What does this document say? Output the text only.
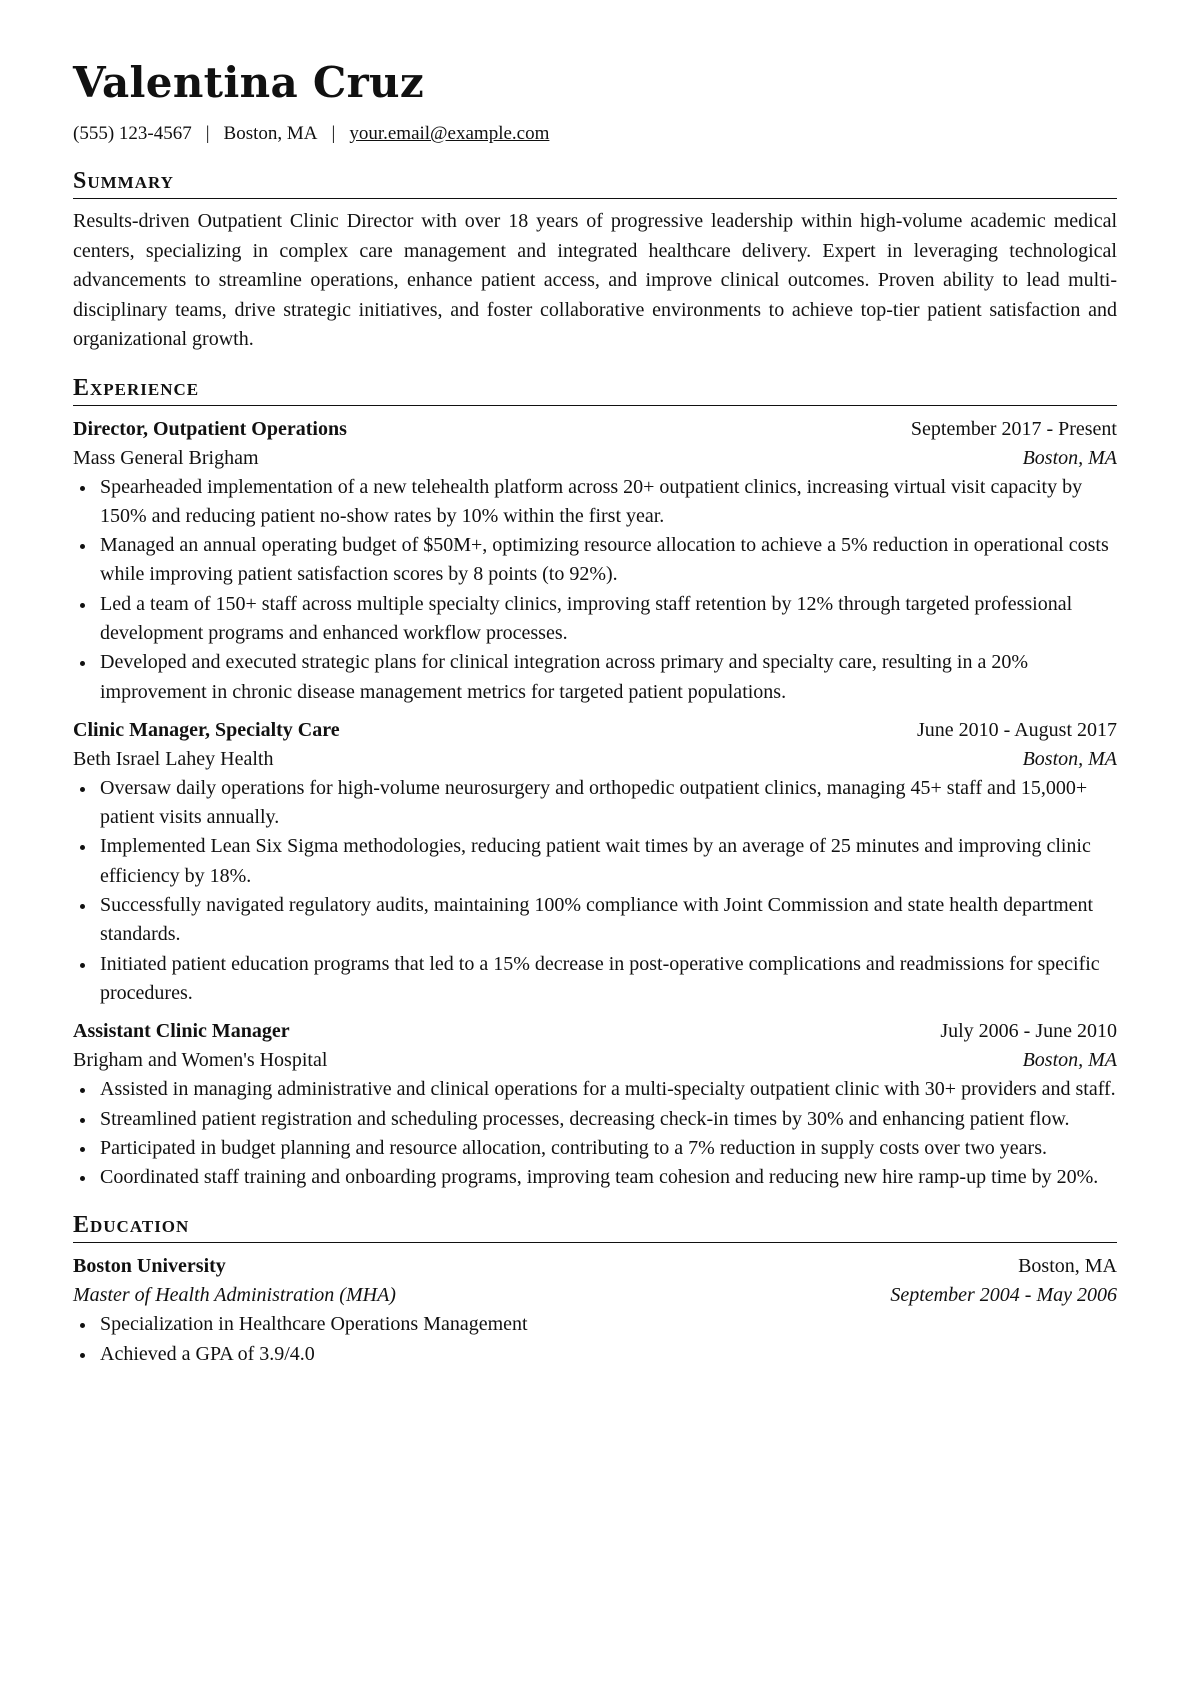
Valentina Cruz
(555) 123-4567 | Boston, MA | your.email@example.com
Summary

Results-driven Outpatient Clinic Director with over 18 years of progressive leadership within high-volume academic medical centers, specializing in complex care management and integrated healthcare delivery. Expert in leveraging technological advancements to streamline operations, enhance patient access, and improve clinical outcomes. Proven ability to lead multi-disciplinary teams, drive strategic initiatives, and foster collaborative environments to achieve top-tier patient satisfaction and organizational growth.

Experience
Director, Outpatient Operations	September 2017 - Present
Mass General Brigham	Boston, MA
Spearheaded implementation of a new telehealth platform across 20+ outpatient clinics, increasing virtual visit capacity by 150% and reducing patient no-show rates by 10% within the first year.
Managed an annual operating budget of $50M+, optimizing resource allocation to achieve a 5% reduction in operational costs while improving patient satisfaction scores by 8 points (to 92%).
Led a team of 150+ staff across multiple specialty clinics, improving staff retention by 12% through targeted professional development programs and enhanced workflow processes.
Developed and executed strategic plans for clinical integration across primary and specialty care, resulting in a 20% improvement in chronic disease management metrics for targeted patient populations.
Clinic Manager, Specialty Care	June 2010 - August 2017
Beth Israel Lahey Health	Boston, MA
Oversaw daily operations for high-volume neurosurgery and orthopedic outpatient clinics, managing 45+ staff and 15,000+ patient visits annually.
Implemented Lean Six Sigma methodologies, reducing patient wait times by an average of 25 minutes and improving clinic efficiency by 18%.
Successfully navigated regulatory audits, maintaining 100% compliance with Joint Commission and state health department standards.
Initiated patient education programs that led to a 15% decrease in post-operative complications and readmissions for specific procedures.
Assistant Clinic Manager	July 2006 - June 2010
Brigham and Women's Hospital	Boston, MA
Assisted in managing administrative and clinical operations for a multi-specialty outpatient clinic with 30+ providers and staff.
Streamlined patient registration and scheduling processes, decreasing check-in times by 30% and enhancing patient flow.
Participated in budget planning and resource allocation, contributing to a 7% reduction in supply costs over two years.
Coordinated staff training and onboarding programs, improving team cohesion and reducing new hire ramp-up time by 20%.
Education
Boston University	Boston, MA
Master of Health Administration (MHA)	September 2004 - May 2006
Specialization in Healthcare Operations Management
Achieved a GPA of 3.9/4.0
